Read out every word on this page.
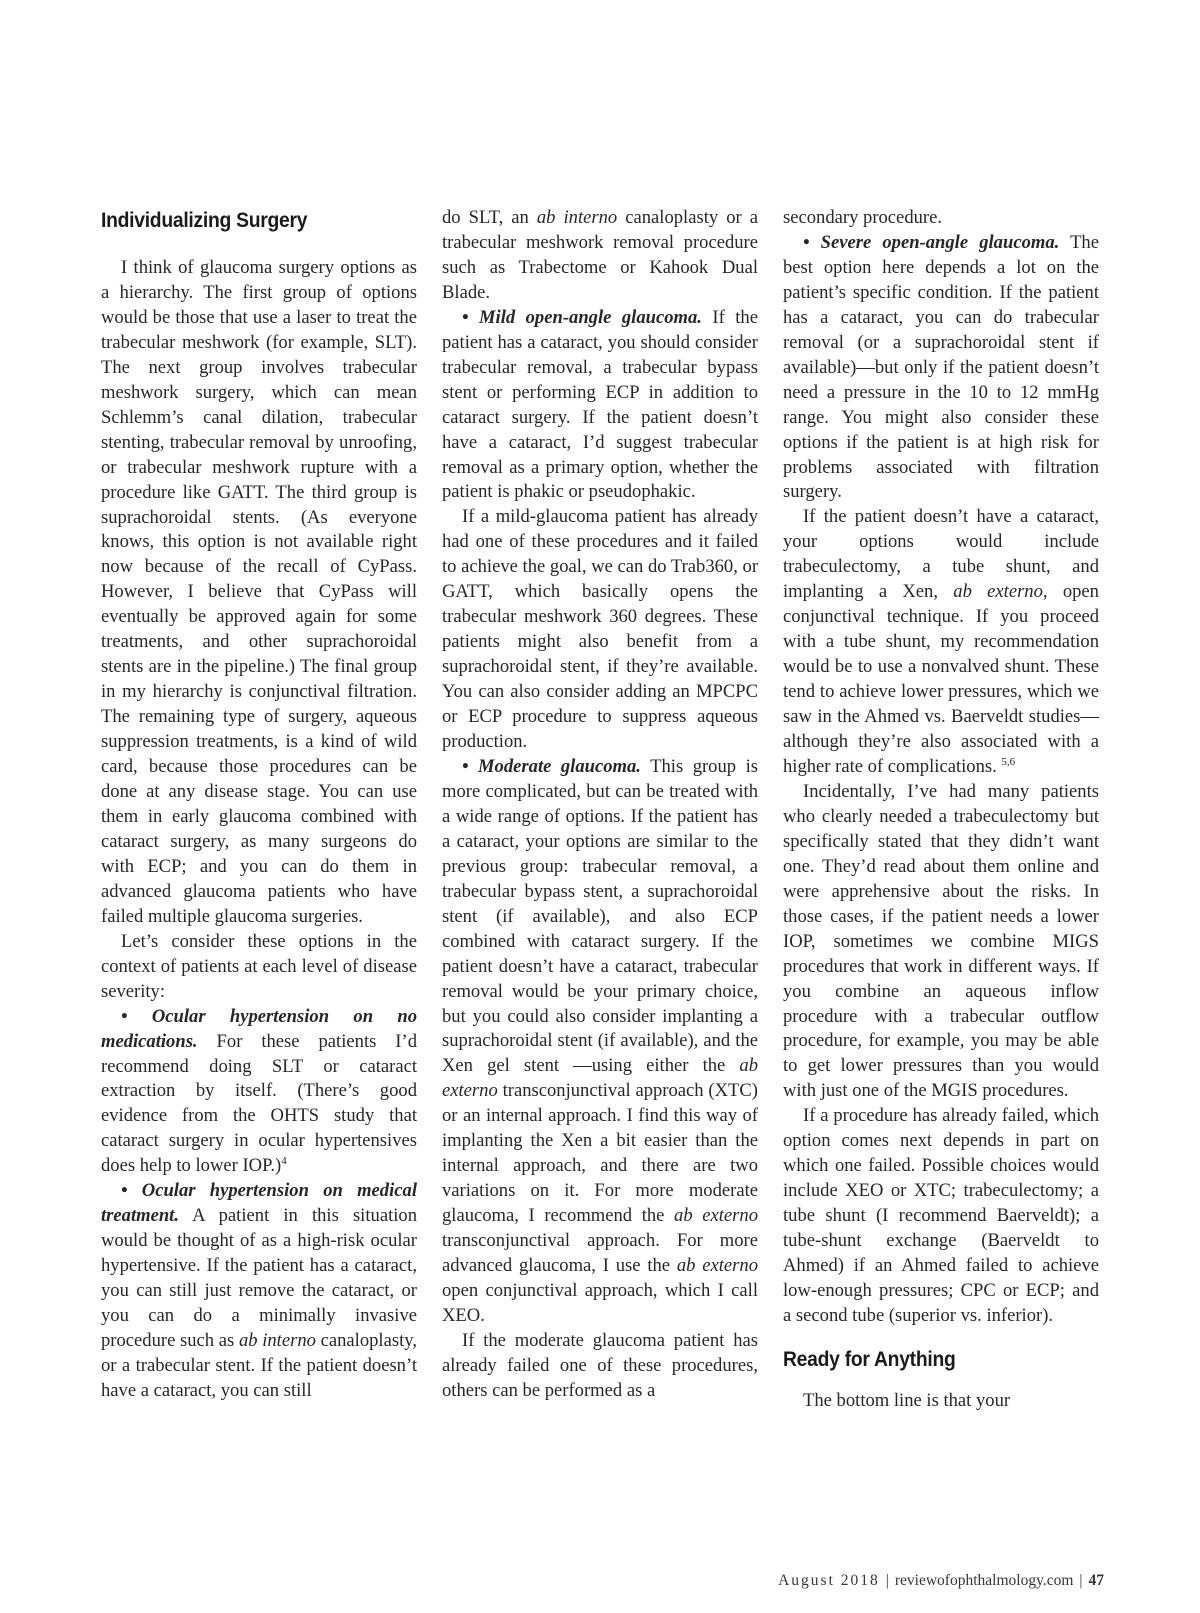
Individualizing Surgery

I think of glaucoma surgery options as a hierarchy. The first group of options would be those that use a laser to treat the trabecular meshwork (for example, SLT). The next group involves trabecular meshwork surgery, which can mean Schlemm’s canal dilation, trabecular stenting, trabecular removal by unroofing, or trabecular meshwork rupture with a procedure like GATT. The third group is suprachoroidal stents. (As everyone knows, this option is not available right now because of the recall of CyPass. However, I believe that CyPass will eventually be approved again for some treatments, and other suprachoroidal stents are in the pipeline.) The final group in my hierarchy is conjunctival filtration. The remaining type of surgery, aqueous suppression treatments, is a kind of wild card, because those procedures can be done at any disease stage. You can use them in early glaucoma combined with cataract surgery, as many surgeons do with ECP; and you can do them in advanced glaucoma patients who have failed multiple glaucoma surgeries.

Let’s consider these options in the context of patients at each level of disease severity:

• Ocular hypertension on no medications. For these patients I’d recommend doing SLT or cataract extraction by itself. (There’s good evidence from the OHTS study that cataract surgery in ocular hypertensives does help to lower IOP.)$^4$

• Ocular hypertension on medical treatment. A patient in this situation would be thought of as a high-risk ocular hypertensive. If the patient has a cataract, you can still just remove the cataract, or you can do a minimally invasive procedure such as ab interno canaloplasty, or a trabecular stent. If the patient doesn’t have a cataract, you can still

do SLT, an ab interno canaloplasty or a trabecular meshwork removal procedure such as Trabectome or Kahook Dual Blade.

• Mild open-angle glaucoma. If the patient has a cataract, you should consider trabecular removal, a trabecular bypass stent or performing ECP in addition to cataract surgery. If the patient doesn’t have a cataract, I’d suggest trabecular removal as a primary option, whether the patient is phakic or pseudophakic.

If a mild-glaucoma patient has already had one of these procedures and it failed to achieve the goal, we can do Trab360, or GATT, which basically opens the trabecular meshwork 360 degrees. These patients might also benefit from a suprachoroidal stent, if they’re available. You can also consider adding an MPCPC or ECP procedure to suppress aqueous production.

• Moderate glaucoma. This group is more complicated, but can be treated with a wide range of options. If the patient has a cataract, your options are similar to the previous group: trabecular removal, a trabecular bypass stent, a suprachoroidal stent (if available), and also ECP combined with cataract surgery. If the patient doesn’t have a cataract, trabecular removal would be your primary choice, but you could also consider implanting a suprachoroidal stent (if available), and the Xen gel stent —using either the ab externo transconjunctival approach (XTC) or an internal approach. I find this way of implanting the Xen a bit easier than the internal approach, and there are two variations on it. For more moderate glaucoma, I recommend the ab externo transconjunctival approach. For more advanced glaucoma, I use the ab externo open conjunctival approach, which I call XEO.

If the moderate glaucoma patient has already failed one of these procedures, others can be performed as a

secondary procedure.

• Severe open-angle glaucoma. The best option here depends a lot on the patient’s specific condition. If the patient has a cataract, you can do trabecular removal (or a suprachoroidal stent if available)—but only if the patient doesn’t need a pressure in the 10 to 12 mmHg range. You might also consider these options if the patient is at high risk for problems associated with filtration surgery.

If the patient doesn’t have a cataract, your options would include trabeculectomy, a tube shunt, and implanting a Xen, ab externo, open conjunctival technique. If you proceed with a tube shunt, my recommendation would be to use a nonvalved shunt. These tend to achieve lower pressures, which we saw in the Ahmed vs. Baerveldt studies—although they’re also associated with a higher rate of complications. $^{5,6}$

Incidentally, I’ve had many patients who clearly needed a trabeculectomy but specifically stated that they didn’t want one. They’d read about them online and were apprehensive about the risks. In those cases, if the patient needs a lower IOP, sometimes we combine MIGS procedures that work in different ways. If you combine an aqueous inflow procedure with a trabecular outflow procedure, for example, you may be able to get lower pressures than you would with just one of the MGIS procedures.

If a procedure has already failed, which option comes next depends in part on which one failed. Possible choices would include XEO or XTC; trabeculectomy; a tube shunt (I recommend Baerveldt); a tube-shunt exchange (Baerveldt to Ahmed) if an Ahmed failed to achieve low-enough pressures; CPC or ECP; and a second tube (superior vs. inferior).

Ready for Anything

The bottom line is that your

August 2018 | reviewofophthalmology.com | 47
